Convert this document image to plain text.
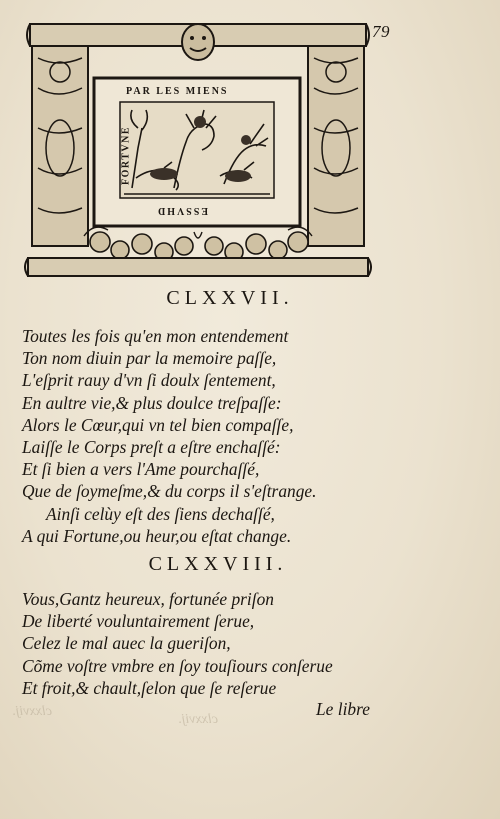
79
PAR LES MIENS
FORTVNE
ESSVHD
clxxvij.
clxxvij.
CLXXVII.
Toutes les fois qu'en mon entendement
Ton nom diuin par la memoire paſſe,
L'eſprit rauy d'vn ſi doulx ſentement,
En aultre vie,& plus doulce treſpaſſe:
Alors le Cœur,qui vn tel bien compaſſe,
Laiſſe le Corps preſt a eſtre enchaſſé:
Et ſi bien a vers l'Ame pourchaſſé,
Que de ſoymeſme,& du corps il s'eſtrange.
Ainſi celùy eſt des ſiens dechaſſé,
A qui Fortune,ou heur,ou eſtat change.
CLXXVIII.
Vous,Gantz heureux, fortunée priſon
De liberté vouluntairement ſerue,
Celez le mal auec la gueriſon,
Cõme voſtre vmbre en ſoy touſiours conſerue
Et froit,& chault,ſelon que ſe reſerue
Le libre
